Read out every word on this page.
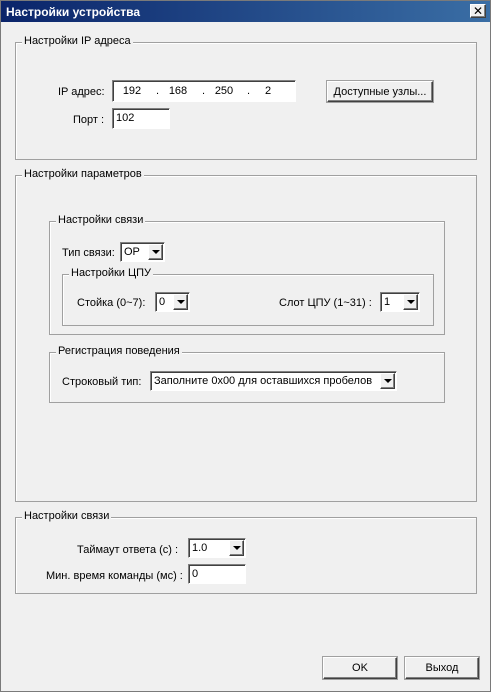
Настройки устройства	✕
Настройки IP адреса
IP адрес:	192	. 168	. 250	.	2	Доступные узлы...
Порт : 102
Настройки параметров
Настройки связи
Тип связи: OP
Настройки ЦПУ
Стойка (0~7): 0	Слот ЦПУ (1~31) : 1
Регистрация поведения
Строковый тип: Заполните 0x00 для оставшихся пробелов
Настройки связи
Таймаут ответа (с) : 1.0
Мин. время команды (мс) : 0
OK	Выход
